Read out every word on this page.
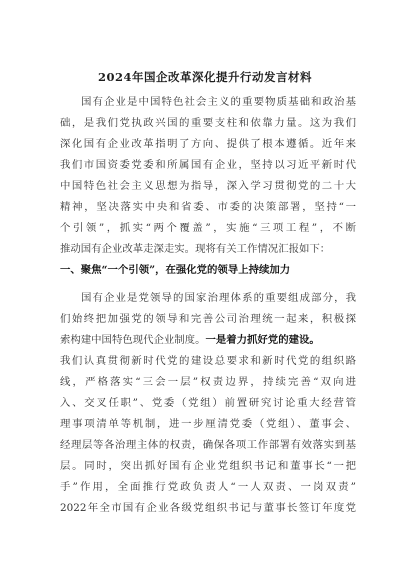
2024年国企改革深化提升行动发言材料
国有企业是中国特色社会主义的重要物质基础和政治基
础，是我们党执政兴国的重要支柱和依靠力量。这为我们
深化国有企业改革指明了方向、提供了根本遵循。近年来
我们市国资委党委和所属国有企业，坚持以习近平新时代
中国特色社会主义思想为指导，深入学习贯彻党的二十大
精神，坚决落实中央和省委、市委的决策部署，坚持“一
个引领”，抓实“两个覆盖”，实施“三项工程”，不断
推动国有企业改革走深走实。现将有关工作情况汇报如下：
一、聚焦“一个引领”，在强化党的领导上持续加力
国有企业是党领导的国家治理体系的重要组成部分，我
们始终把加强党的领导和完善公司治理统一起来，积极探
索构建中国特色现代企业制度。一是着力抓好党的建设。
我们认真贯彻新时代党的建设总要求和新时代党的组织路
线，严格落实“三会一层”权责边界，持续完善“双向进
入、交叉任职”、党委（党组）前置研究讨论重大经营管
理事项清单等机制，进一步厘清党委（党组）、董事会、
经理层等各治理主体的权责，确保各项工作部署有效落实到基
层。同时，突出抓好国有企业党组织书记和董事长“一把
手”作用，全面推行党政负责人“一人双责、一岗双责”
2022年全市国有企业各级党组织书记与董事长签订年度党
